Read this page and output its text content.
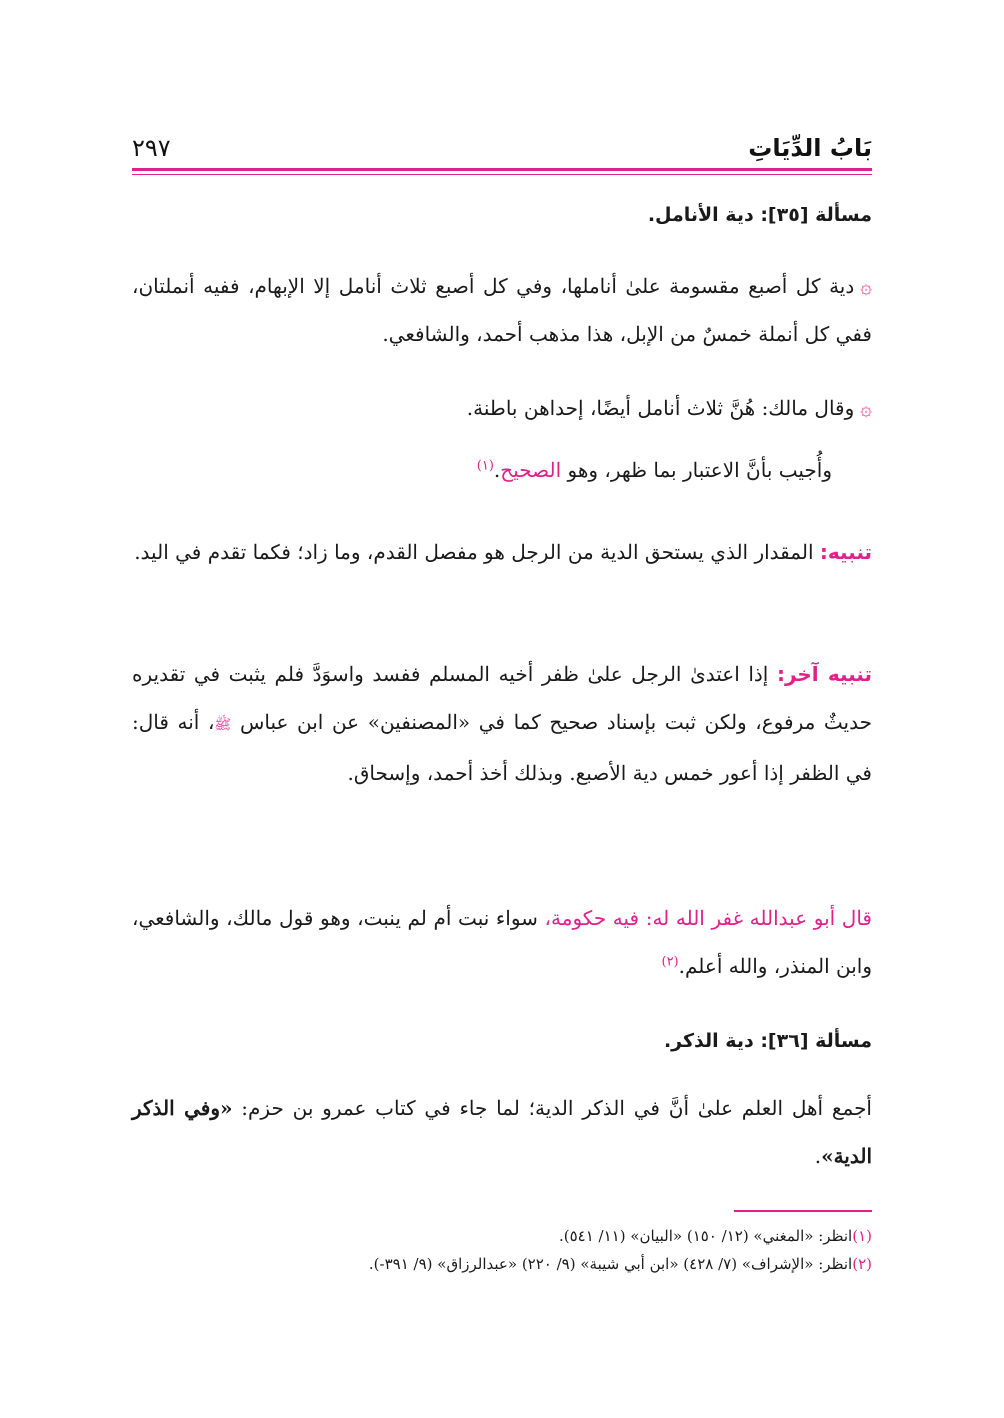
بَابُ الدِّيَاتِ
٢٩٧

مسألة [٣٥]: دية الأنامل.

۞دية كل أصبع مقسومة علىٰ أناملها، وفي كل أصبع ثلاث أنامل إلا الإبهام، ففيه أنملتان، ففي كل أنملة خمسٌ من الإبل، هذا مذهب أحمد، والشافعي.

۞وقال مالك: هُنَّ ثلاث أنامل أيضًا، إحداهن باطنة.

وأُجيب بأنَّ الاعتبار بما ظهر، وهو الصحيح.$^{(١)}$

تنبيه: المقدار الذي يستحق الدية من الرجل هو مفصل القدم، وما زاد؛ فكما تقدم في اليد.

تنبيه آخر: إذا اعتدىٰ الرجل علىٰ ظفر أخيه المسلم ففسد واسوَدَّ فلم يثبت في تقديره حديثٌ مرفوع، ولكن ثبت بإسناد صحيح كما في «المصنفين» عن ابن عباس ﷺ، أنه قال: في الظفر إذا أعور خمس دية الأصبع. وبذلك أخذ أحمد، وإسحاق.

قال أبو عبدالله غفر الله له: فيه حكومة، سواء نبت أم لم ينبت، وهو قول مالك، والشافعي، وابن المنذر، والله أعلم.$^{(٢)}$

مسألة [٣٦]: دية الذكر.

أجمع أهل العلم علىٰ أنَّ في الذكر الدية؛ لما جاء في كتاب عمرو بن حزم: «وفي الذكر الدية».

(١)انظر: «المغني» (١٢/ ١٥٠) «البيان» (١١/ ٥٤١).

(٢)انظر: «الإشراف» (٧/ ٤٢٨) «ابن أبي شيبة» (٩/ ٢٢٠) «عبدالرزاق» (٩/ ٣٩١-).
